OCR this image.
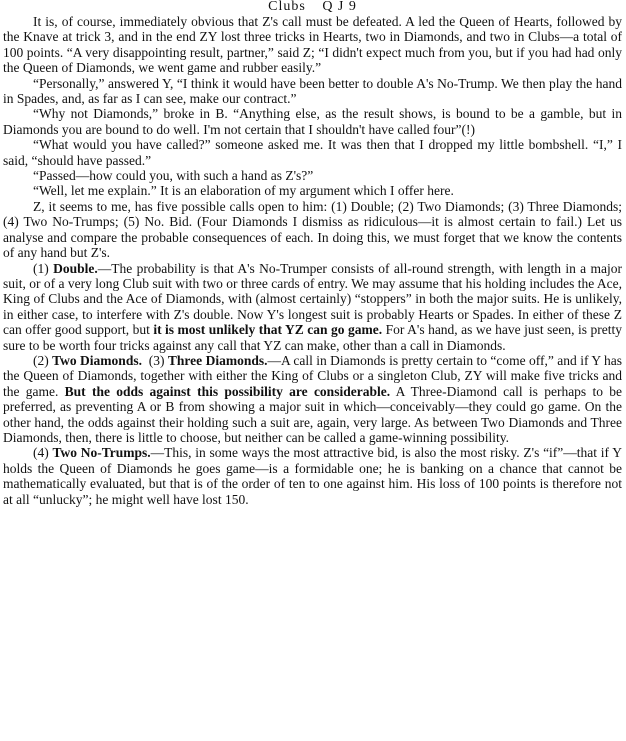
Clubs Q J 9

It is, of course, immediately obvious that Z's call must be defeated. A led the Queen of Hearts, followed by the Knave at trick 3, and in the end ZY lost three tricks in Hearts, two in Diamonds, and two in Clubs—a total of 100 points. “A very disappointing result, partner,” said Z; “I didn't expect much from you, but if you had had only the Queen of Diamonds, we went game and rubber easily.”

“Personally,” answered Y, “I think it would have been better to double A's No-Trump. We then play the hand in Spades, and, as far as I can see, make our contract.”

“Why not Diamonds,” broke in B. “Anything else, as the result shows, is bound to be a gamble, but in Diamonds you are bound to do well. I'm not certain that I shouldn't have called four”(!)

“What would you have called?” someone asked me. It was then that I dropped my little bombshell. “I,” I said, “should have passed.”

“Passed—how could you, with such a hand as Z's?”

“Well, let me explain.” It is an elaboration of my argument which I offer here.

Z, it seems to me, has five possible calls open to him: (1) Double; (2) Two Diamonds; (3) Three Diamonds; (4) Two No-Trumps; (5) No. Bid. (Four Diamonds I dismiss as ridiculous—it is almost certain to fail.) Let us analyse and compare the probable consequences of each. In doing this, we must forget that we know the contents of any hand but Z's.

(1) Double.—The probability is that A's No-Trumper consists of all-round strength, with length in a major suit, or of a very long Club suit with two or three cards of entry. We may assume that his holding includes the Ace, King of Clubs and the Ace of Diamonds, with (almost certainly) “stoppers” in both the major suits. He is unlikely, in either case, to interfere with Z's double. Now Y's longest suit is probably Hearts or Spades. In either of these Z can offer good support, but it is most unlikely that YZ can go game. For A's hand, as we have just seen, is pretty sure to be worth four tricks against any call that YZ can make, other than a call in Diamonds.

(2) Two Diamonds. (3) Three Diamonds.—A call in Diamonds is pretty certain to “come off,” and if Y has the Queen of Diamonds, together with either the King of Clubs or a singleton Club, ZY will make five tricks and the game. But the odds against this possibility are considerable. A Three-Diamond call is perhaps to be preferred, as preventing A or B from showing a major suit in which—conceivably—they could go game. On the other hand, the odds against their holding such a suit are, again, very large. As between Two Diamonds and Three Diamonds, then, there is little to choose, but neither can be called a game-winning possibility.

(4) Two No-Trumps.—This, in some ways the most attractive bid, is also the most risky. Z's “if”—that if Y holds the Queen of Diamonds he goes game—is a formidable one; he is banking on a chance that cannot be mathematically evaluated, but that is of the order of ten to one against him. His loss of 100 points is therefore not at all “unlucky”; he might well have lost 150.
